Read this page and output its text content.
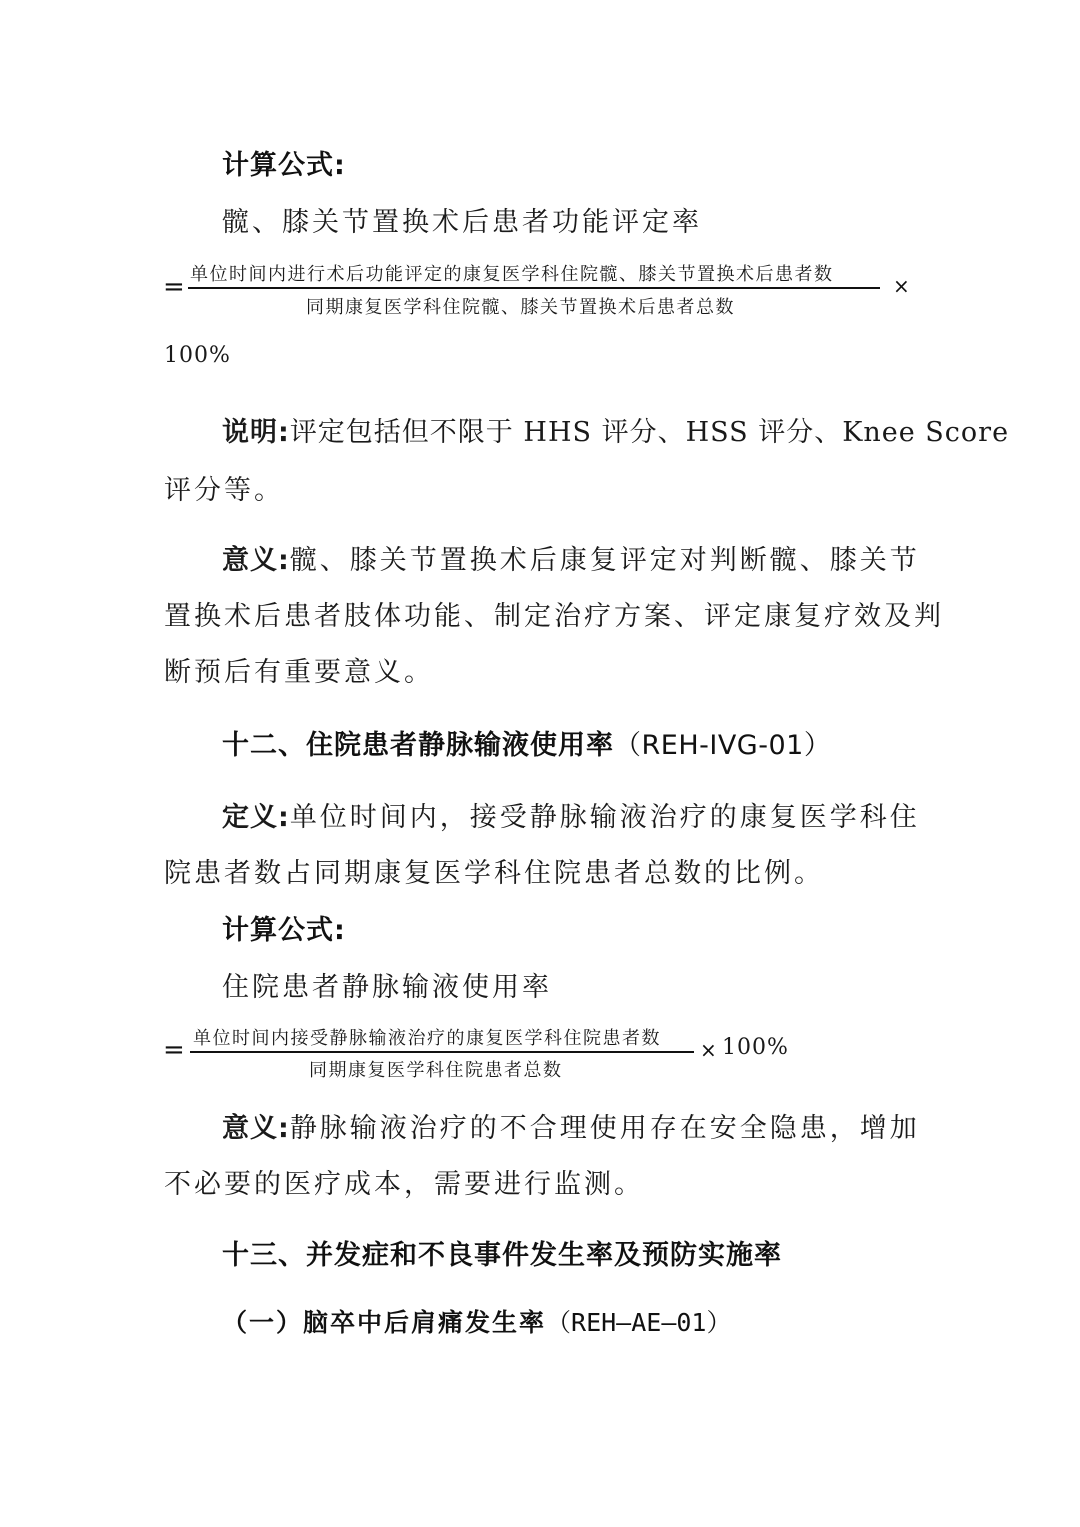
计算公式:
髋、膝关节置换术后患者功能评定率
= 单位时间内进行术后功能评定的康复医学科住院髋、膝关节置换术后患者数
同期康复医学科住院髋、膝关节置换术后患者总数
×
100%
说明:评定包括但不限于 HHS 评分、HSS 评分、Knee Score
评分等。
意义:髋、膝关节置换术后康复评定对判断髋、膝关节
置换术后患者肢体功能、制定治疗方案、评定康复疗效及判
断预后有重要意义。
十二、住院患者静脉输液使用率（REH-IVG-01）
定义:单位时间内，接受静脉输液治疗的康复医学科住
院患者数占同期康复医学科住院患者总数的比例。
计算公式:
住院患者静脉输液使用率
= 单位时间内接受静脉输液治疗的康复医学科住院患者数
同期康复医学科住院患者总数
× 100%
意义:静脉输液治疗的不合理使用存在安全隐患，增加
不必要的医疗成本，需要进行监测。
十三、并发症和不良事件发生率及预防实施率
（一）脑卒中后肩痛发生率（REH—AE—01）
